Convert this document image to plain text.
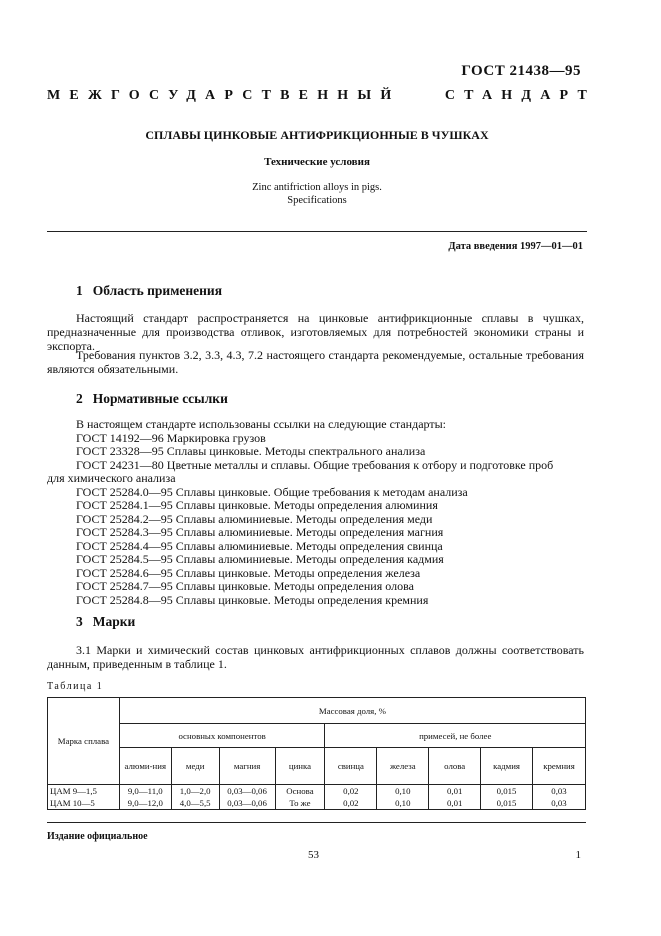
ГОСТ 21438—95
МЕЖГОСУДАРСТВЕННЫЙ	СТАНДАРТ
СПЛАВЫ ЦИНКОВЫЕ АНТИФРИКЦИОННЫЕ В ЧУШКАХ
Технические условия
Zinc antifriction alloys in pigs.
Specifications
Дата введения 1997—01—01
1 Область применения
Настоящий стандарт распространяется на цинковые антифрикционные сплавы в чушках, предназначенные для производства отливок, изготовляемых для потребностей экономики страны и экспорта.
Требования пунктов 3.2, 3.3, 4.3, 7.2 настоящего стандарта рекомендуемые, остальные требования являются обязательными.
2 Нормативные ссылки
В настоящем стандарте использованы ссылки на следующие стандарты:
ГОСТ 14192—96 Маркировка грузов
ГОСТ 23328—95 Сплавы цинковые. Методы спектрального анализа
ГОСТ 24231—80 Цветные металлы и сплавы. Общие требования к отбору и подготовке проб
для химического анализа
ГОСТ 25284.0—95 Сплавы цинковые. Общие требования к методам анализа
ГОСТ 25284.1—95 Сплавы цинковые. Методы определения алюминия
ГОСТ 25284.2—95 Сплавы алюминиевые. Методы определения меди
ГОСТ 25284.3—95 Сплавы алюминиевые. Методы определения магния
ГОСТ 25284.4—95 Сплавы алюминиевые. Методы определения свинца
ГОСТ 25284.5—95 Сплавы алюминиевые. Методы определения кадмия
ГОСТ 25284.6—95 Сплавы цинковые. Методы определения железа
ГОСТ 25284.7—95 Сплавы цинковые. Методы определения олова
ГОСТ 25284.8—95 Сплавы цинковые. Методы определения кремния
3 Марки
3.1 Марки и химический состав цинковых антифрикционных сплавов должны соответствовать данным, приведенным в таблице 1.
Таблица 1
Марка сплава	Массовая доля, %								
	основных компонентов				примесей, не более				
	алюми-ния	меди	магния	цинка	свинца	железа	олова	кадмия	кремния
ЦАМ 9—1,5	9,0—11,0	1,0—2,0	0,03—0,06	Основа	0,02	0,10	0,01	0,015	0,03
ЦАМ 10—5	9,0—12,0	4,0—5,5	0,03—0,06	То же	0,02	0,10	0,01	0,015	0,03
Издание официальное
53	1
